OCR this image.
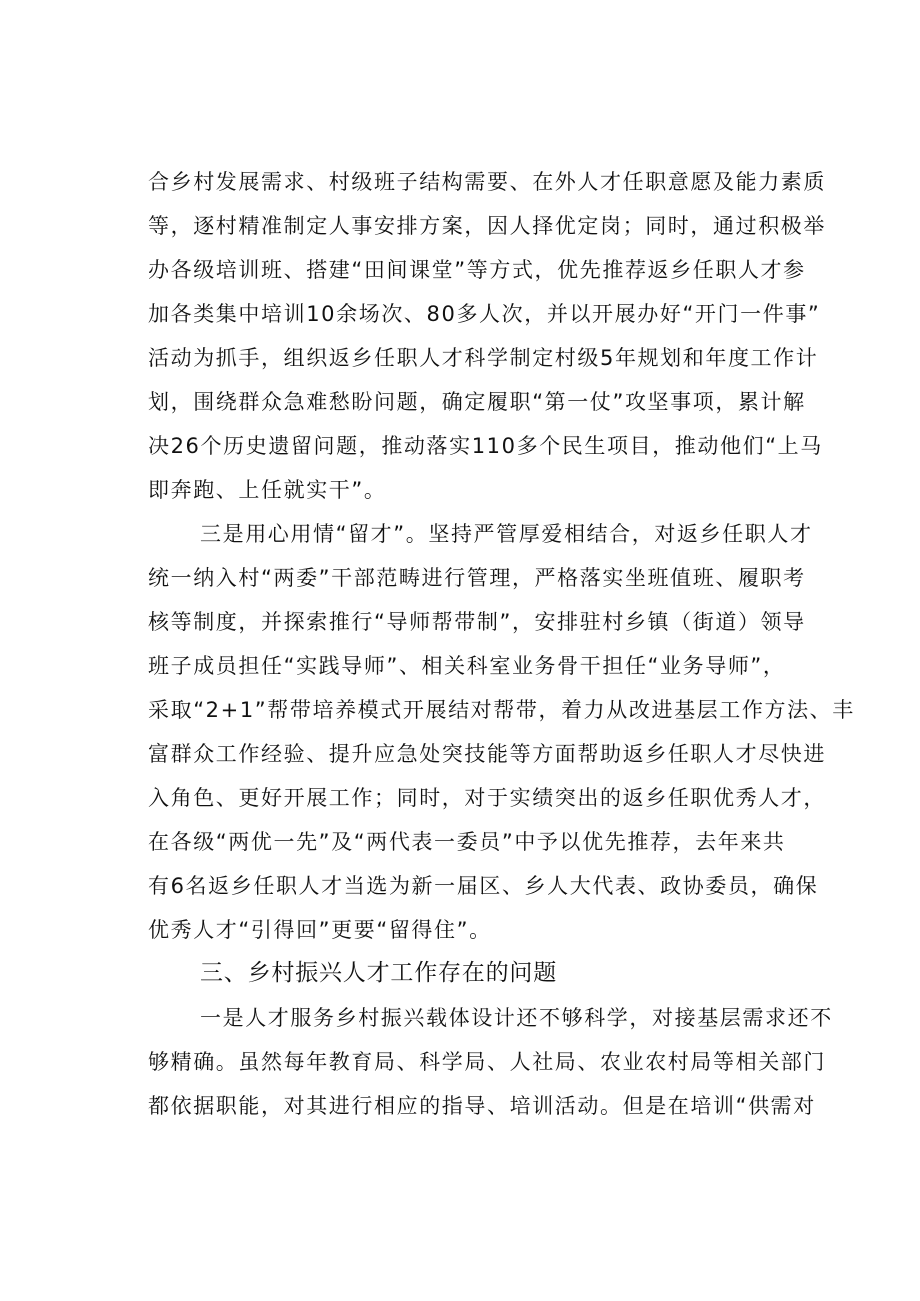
合乡村发展需求、村级班子结构需要、在外人才任职意愿及能力素质
等，逐村精准制定人事安排方案，因人择优定岗；同时，通过积极举
办各级培训班、搭建“田间课堂”等方式，优先推荐返乡任职人才参
加各类集中培训10余场次、80多人次，并以开展办好“开门一件事”
活动为抓手，组织返乡任职人才科学制定村级5年规划和年度工作计
划，围绕群众急难愁盼问题，确定履职“第一仗”攻坚事项，累计解
决26个历史遗留问题，推动落实110多个民生项目，推动他们“上马
即奔跑、上任就实干”。
三是用心用情“留才”。坚持严管厚爱相结合，对返乡任职人才
统一纳入村“两委”干部范畴进行管理，严格落实坐班值班、履职考
核等制度，并探索推行“导师帮带制”，安排驻村乡镇（街道）领导
班子成员担任“实践导师”、相关科室业务骨干担任“业务导师”，
采取“2+1”帮带培养模式开展结对帮带，着力从改进基层工作方法、丰
富群众工作经验、提升应急处突技能等方面帮助返乡任职人才尽快进
入角色、更好开展工作；同时，对于实绩突出的返乡任职优秀人才，
在各级“两优一先”及“两代表一委员”中予以优先推荐，去年来共
有6名返乡任职人才当选为新一届区、乡人大代表、政协委员，确保
优秀人才“引得回”更要“留得住”。
三、乡村振兴人才工作存在的问题
一是人才服务乡村振兴载体设计还不够科学，对接基层需求还不
够精确。虽然每年教育局、科学局、人社局、农业农村局等相关部门
都依据职能，对其进行相应的指导、培训活动。但是在培训“供需对
